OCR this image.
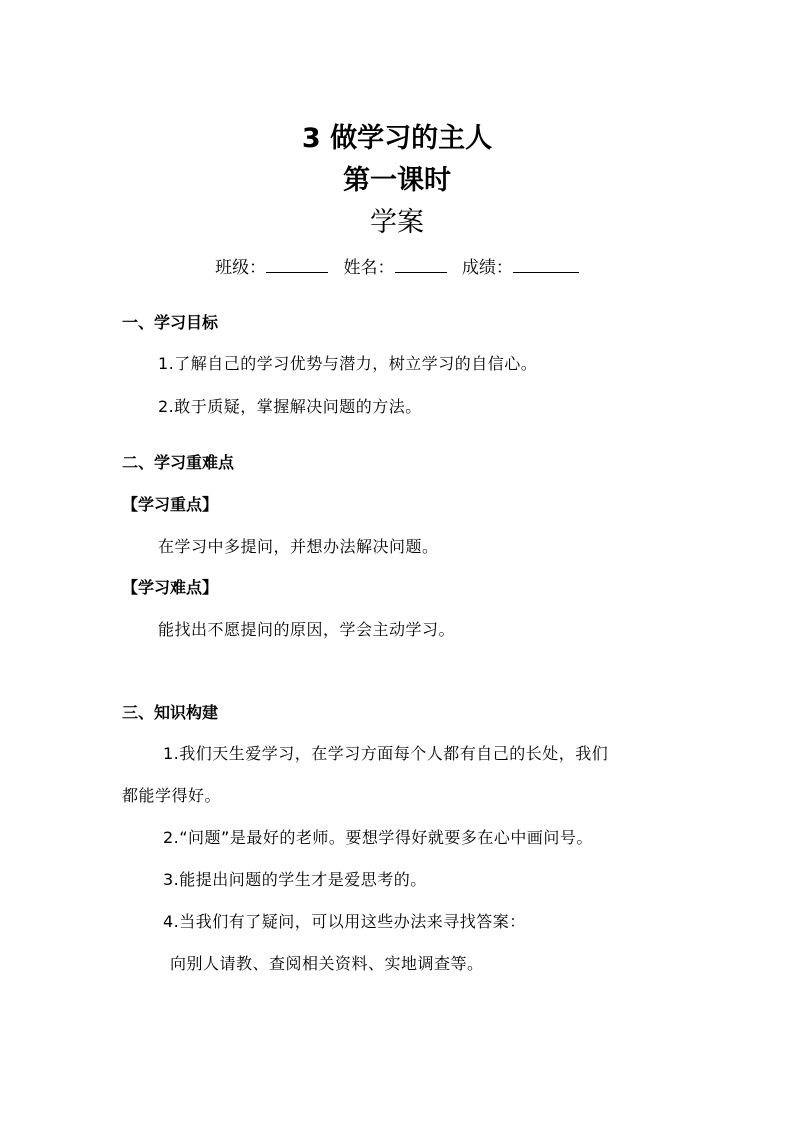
3 做学习的主人
第一课时
学案
班级：	姓名：	成绩：
一、学习目标
1.了解自己的学习优势与潜力，树立学习的自信心。
2.敢于质疑，掌握解决问题的方法。
二、学习重难点
【学习重点】
在学习中多提问，并想办法解决问题。
【学习难点】
能找出不愿提问的原因，学会主动学习。
三、知识构建
1.我们天生爱学习，在学习方面每个人都有自己的长处，我们
都能学得好。
2.“问题”是最好的老师。要想学得好就要多在心中画问号。
3.能提出问题的学生才是爱思考的。
4.当我们有了疑问，可以用这些办法来寻找答案：
向别人请教、查阅相关资料、实地调查等。
